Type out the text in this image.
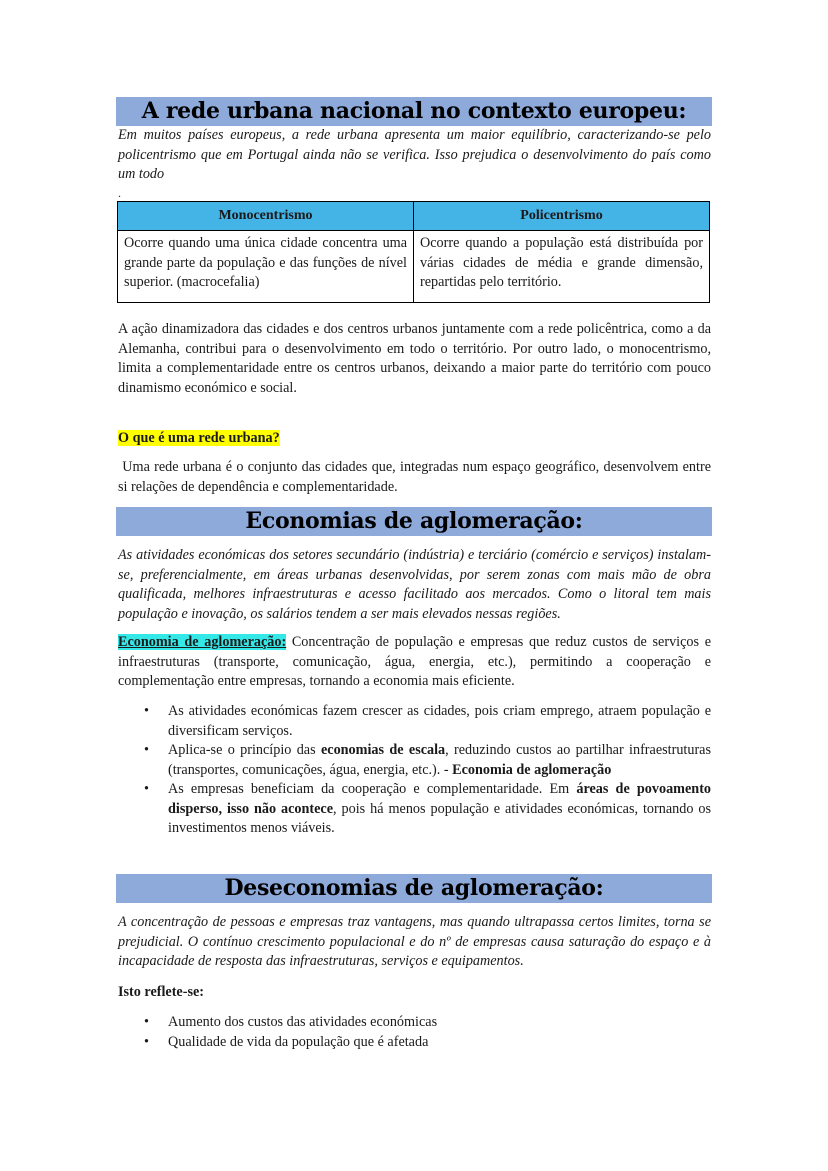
A rede urbana nacional no contexto europeu:
Em muitos países europeus, a rede urbana apresenta um maior equilíbrio, caracterizando-se pelo policentrismo que em Portugal ainda não se verifica. Isso prejudica o desenvolvimento do país como um todo
.
Monocentrismo	Policentrismo
Ocorre quando uma única cidade concentra uma grande parte da população e das funções de nível superior. (macrocefalia)	Ocorre quando a população está distribuída por várias cidades de média e grande dimensão, repartidas pelo território.
A ação dinamizadora das cidades e dos centros urbanos juntamente com a rede policêntrica, como a da Alemanha, contribui para o desenvolvimento em todo o território. Por outro lado, o monocentrismo, limita a complementaridade entre os centros urbanos, deixando a maior parte do território com pouco dinamismo económico e social.
O que é uma rede urbana?
Uma rede urbana é o conjunto das cidades que, integradas num espaço geográfico, desenvolvem entre si relações de dependência e complementaridade.
Economias de aglomeração:
As atividades económicas dos setores secundário (indústria) e terciário (comércio e serviços) instalam-se, preferencialmente, em áreas urbanas desenvolvidas, por serem zonas com mais mão de obra qualificada, melhores infraestruturas e acesso facilitado aos mercados. Como o litoral tem mais população e inovação, os salários tendem a ser mais elevados nessas regiões.
Economia de aglomeração: Concentração de população e empresas que reduz custos de serviços e infraestruturas (transporte, comunicação, água, energia, etc.), permitindo a cooperação e complementação entre empresas, tornando a economia mais eficiente.
• As atividades económicas fazem crescer as cidades, pois criam emprego, atraem população e diversificam serviços.
• Aplica-se o princípio das economias de escala, reduzindo custos ao partilhar infraestruturas (transportes, comunicações, água, energia, etc.). - Economia de aglomeração
• As empresas beneficiam da cooperação e complementaridade. Em áreas de povoamento disperso, isso não acontece, pois há menos população e atividades económicas, tornando os investimentos menos viáveis.
Deseconomias de aglomeração:
A concentração de pessoas e empresas traz vantagens, mas quando ultrapassa certos limites, torna se prejudicial. O contínuo crescimento populacional e do nº de empresas causa saturação do espaço e à incapacidade de resposta das infraestruturas, serviços e equipamentos.
Isto reflete-se:
• Aumento dos custos das atividades económicas
• Qualidade de vida da população que é afetada
